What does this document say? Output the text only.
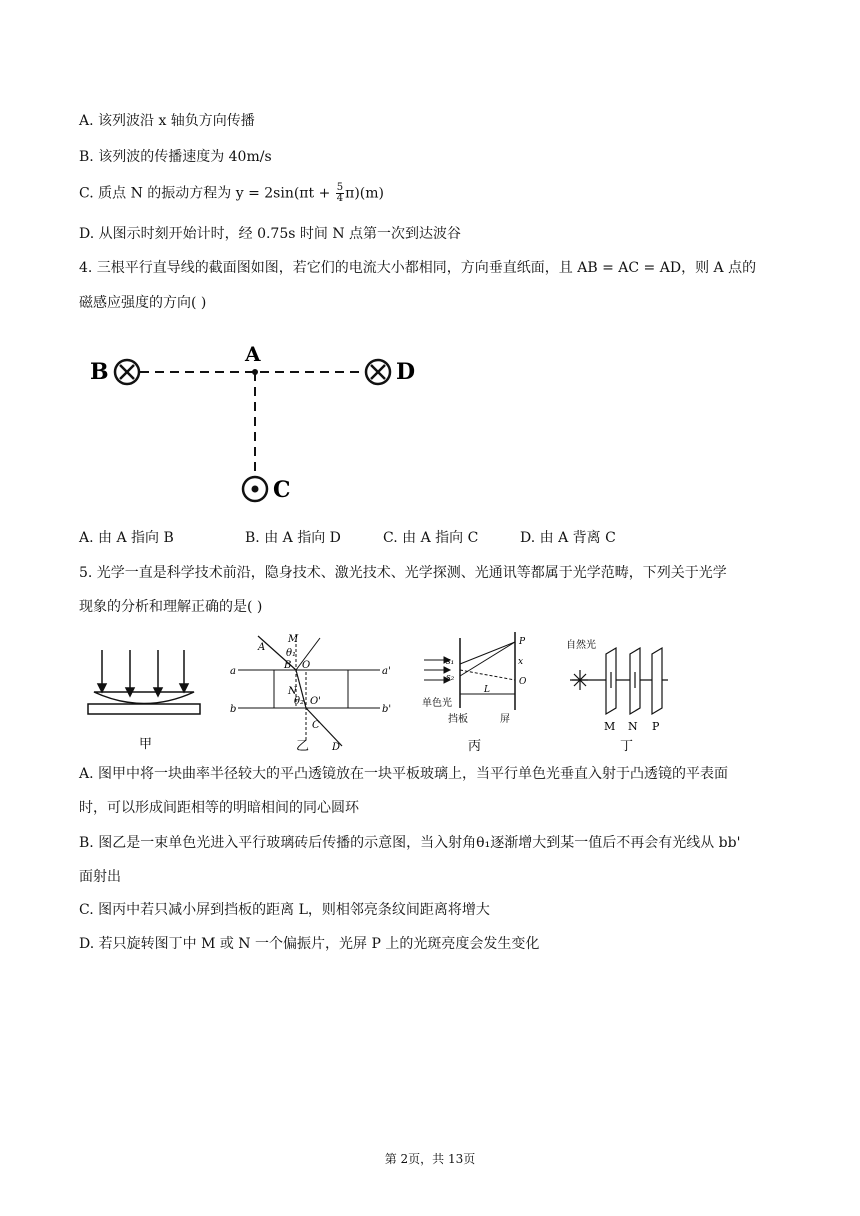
A. 该列波沿 x 轴负方向传播
B. 该列波的传播速度为 40m/s
C. 质点 N 的振动方程为 $y = 2\sin(\pi t + \frac{5}{4} \pi)(m)$
D. 从图示时刻开始计时，经 0.75s 时间 N 点第一次到达波谷
4. 三根平行直导线的截面图如图，若它们的电流大小都相同，方向垂直纸面，且 AB = AC = AD，则 A 点的
磁感应强度的方向( )
A
B	D
C
A. 由 A 指向 B	B. 由 A 指向 D	C. 由 A 指向 C	D. 由 A 背离 C
5. 光学一直是科学技术前沿，隐身技术、激光技术、光学探测、光通讯等都属于光学范畴，下列关于光学
现象的分析和理解正确的是( )
甲
M
A
θ₁
B O
a	a'
N
θ₂ O'
b	b'
C
D
乙
P
x
O
s₁
s₂
L
单色光
挡板	屏
丙
自然光
M N P
丁
A. 图甲中将一块曲率半径较大的平凸透镜放在一块平板玻璃上，当平行单色光垂直入射于凸透镜的平表面
时，可以形成间距相等的明暗相间的同心圆环
B. 图乙是一束单色光进入平行玻璃砖后传播的示意图，当入射角θ₁逐渐增大到某一值后不再会有光线从 bb'
面射出
C. 图丙中若只减小屏到挡板的距离 L，则相邻亮条纹间距离将增大
D. 若只旋转图丁中 M 或 N 一个偏振片，光屏 P 上的光斑亮度会发生变化
第 2页，共 13页
